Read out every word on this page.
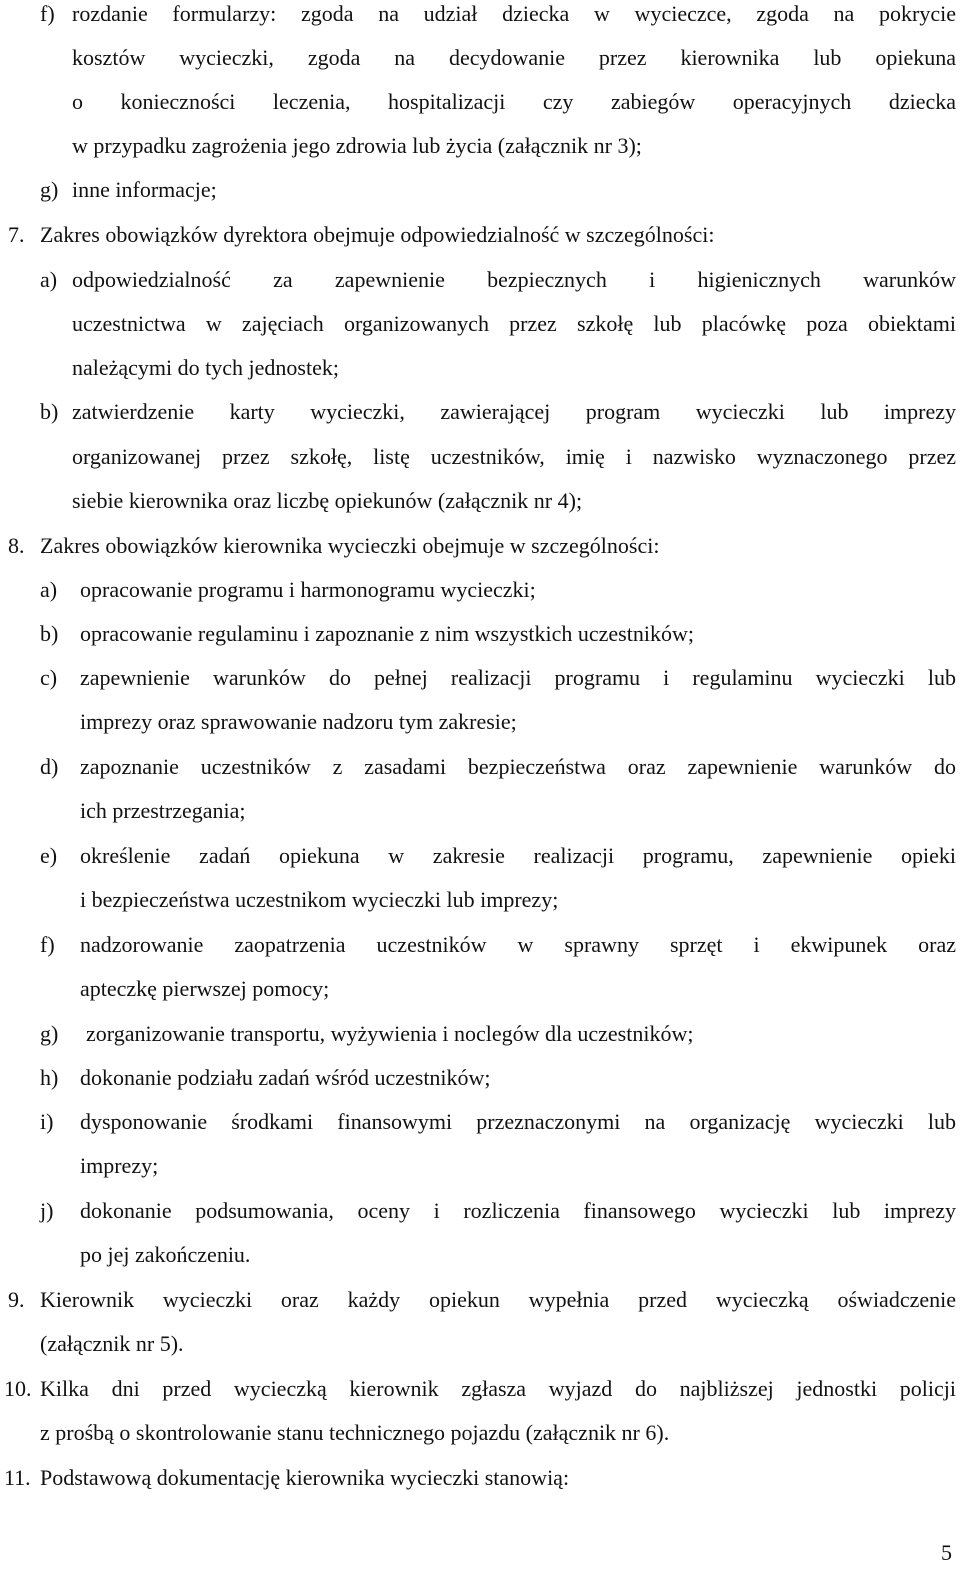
f) rozdanie formularzy: zgoda na udział dziecka w wycieczce, zgoda na pokrycie

kosztów wycieczki, zgoda na decydowanie przez kierownika lub opiekuna

o konieczności leczenia, hospitalizacji czy zabiegów operacyjnych dziecka

w przypadku zagrożenia jego zdrowia lub życia (załącznik nr 3);

g) inne informacje;

7. Zakres obowiązków dyrektora obejmuje odpowiedzialność w szczególności:

a) odpowiedzialność za zapewnienie bezpiecznych i higienicznych warunków

uczestnictwa w zajęciach organizowanych przez szkołę lub placówkę poza obiektami

należącymi do tych jednostek;

b) zatwierdzenie karty wycieczki, zawierającej program wycieczki lub imprezy

organizowanej przez szkołę, listę uczestników, imię i nazwisko wyznaczonego przez

siebie kierownika oraz liczbę opiekunów (załącznik nr 4);

8. Zakres obowiązków kierownika wycieczki obejmuje w szczególności:

a) opracowanie programu i harmonogramu wycieczki;

b) opracowanie regulaminu i zapoznanie z nim wszystkich uczestników;

c) zapewnienie warunków do pełnej realizacji programu i regulaminu wycieczki lub

imprezy oraz sprawowanie nadzoru tym zakresie;

d) zapoznanie uczestników z zasadami bezpieczeństwa oraz zapewnienie warunków do

ich przestrzegania;

e) określenie zadań opiekuna w zakresie realizacji programu, zapewnienie opieki

i bezpieczeństwa uczestnikom wycieczki lub imprezy;

f) nadzorowanie zaopatrzenia uczestników w sprawny sprzęt i ekwipunek oraz

apteczkę pierwszej pomocy;

g) zorganizowanie transportu, wyżywienia i noclegów dla uczestników;

h) dokonanie podziału zadań wśród uczestników;

i) dysponowanie środkami finansowymi przeznaczonymi na organizację wycieczki lub

imprezy;

j) dokonanie podsumowania, oceny i rozliczenia finansowego wycieczki lub imprezy

po jej zakończeniu.

9. Kierownik wycieczki oraz każdy opiekun wypełnia przed wycieczką oświadczenie

(załącznik nr 5).

10. Kilka dni przed wycieczką kierownik zgłasza wyjazd do najbliższej jednostki policji

z prośbą o skontrolowanie stanu technicznego pojazdu (załącznik nr 6).

11. Podstawową dokumentację kierownika wycieczki stanowią:

5
